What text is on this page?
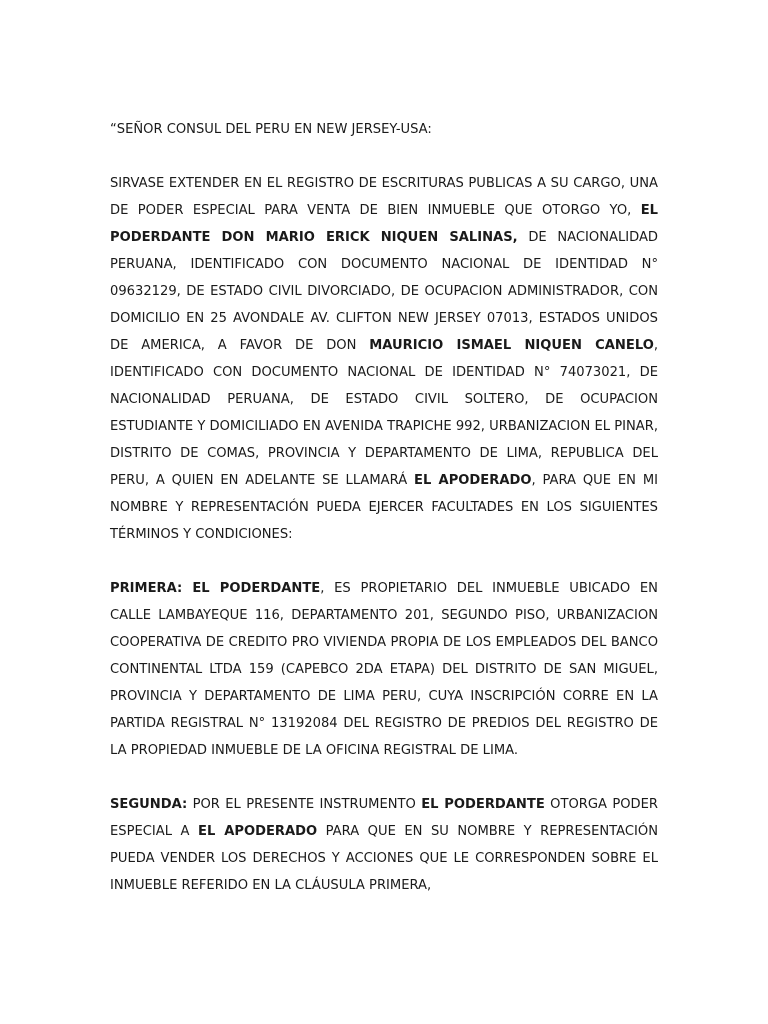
“SEÑOR CONSUL DEL PERU EN NEW JERSEY-USA:

SIRVASE EXTENDER EN EL REGISTRO DE ESCRITURAS PUBLICAS A SU CARGO, UNA DE PODER ESPECIAL PARA VENTA DE BIEN INMUEBLE QUE OTORGO YO, EL PODERDANTE DON MARIO ERICK NIQUEN SALINAS, DE NACIONALIDAD PERUANA, IDENTIFICADO CON DOCUMENTO NACIONAL DE IDENTIDAD N° 09632129, DE ESTADO CIVIL DIVORCIADO, DE OCUPACION ADMINISTRADOR, CON DOMICILIO EN 25 AVONDALE AV. CLIFTON NEW JERSEY 07013, ESTADOS UNIDOS DE AMERICA, A FAVOR DE DON MAURICIO ISMAEL NIQUEN CANELO, IDENTIFICADO CON DOCUMENTO NACIONAL DE IDENTIDAD N° 74073021, DE NACIONALIDAD PERUANA, DE ESTADO CIVIL SOLTERO, DE OCUPACION ESTUDIANTE Y DOMICILIADO EN AVENIDA TRAPICHE 992, URBANIZACION EL PINAR, DISTRITO DE COMAS, PROVINCIA Y DEPARTAMENTO DE LIMA, REPUBLICA DEL PERU, A QUIEN EN ADELANTE SE LLAMARÁ EL APODERADO, PARA QUE EN MI NOMBRE Y REPRESENTACIÓN PUEDA EJERCER FACULTADES EN LOS SIGUIENTES TÉRMINOS Y CONDICIONES:

PRIMERA: EL PODERDANTE, ES PROPIETARIO DEL INMUEBLE UBICADO EN CALLE LAMBAYEQUE 116, DEPARTAMENTO 201, SEGUNDO PISO, URBANIZACION COOPERATIVA DE CREDITO PRO VIVIENDA PROPIA DE LOS EMPLEADOS DEL BANCO CONTINENTAL LTDA 159 (CAPEBCO 2DA ETAPA) DEL DISTRITO DE SAN MIGUEL, PROVINCIA Y DEPARTAMENTO DE LIMA PERU, CUYA INSCRIPCIÓN CORRE EN LA PARTIDA REGISTRAL N° 13192084 DEL REGISTRO DE PREDIOS DEL REGISTRO DE LA PROPIEDAD INMUEBLE DE LA OFICINA REGISTRAL DE LIMA.

SEGUNDA: POR EL PRESENTE INSTRUMENTO EL PODERDANTE OTORGA PODER ESPECIAL A EL APODERADO PARA QUE EN SU NOMBRE Y REPRESENTACIÓN PUEDA VENDER LOS DERECHOS Y ACCIONES QUE LE CORRESPONDEN SOBRE EL INMUEBLE REFERIDO EN LA CLÁUSULA PRIMERA,
